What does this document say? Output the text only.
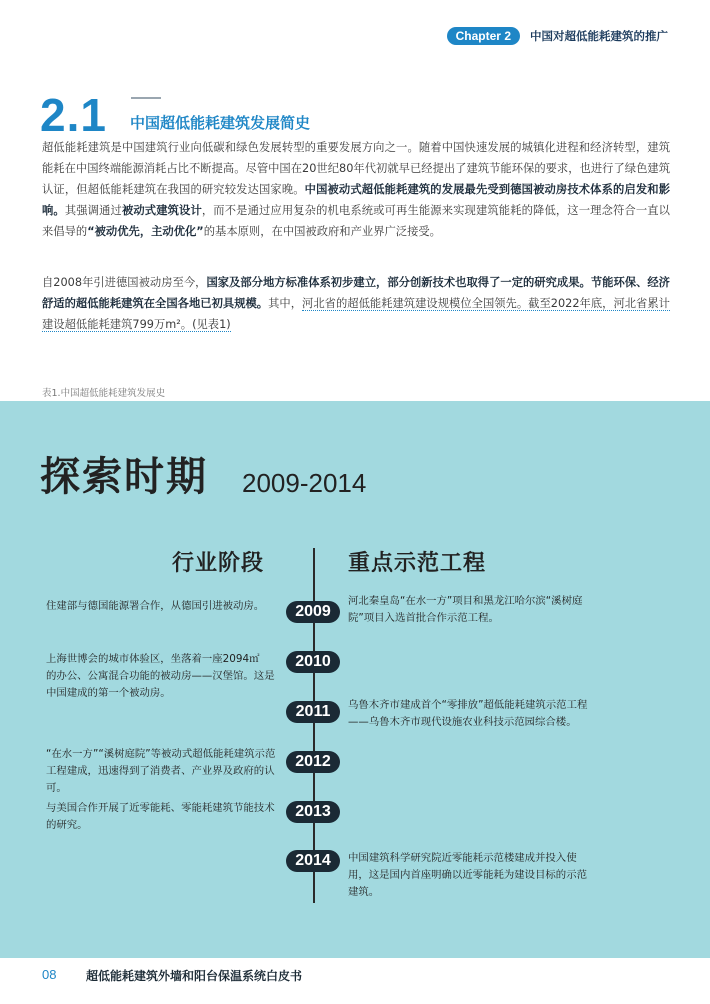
Chapter 2	中国对超低能耗建筑的推广
2.1 中国超低能耗建筑发展简史
超低能耗建筑是中国建筑行业向低碳和绿色发展转型的重要发展方向之一。随着中国快速发展的城镇化进程和经济转型，建筑能耗在中国终端能源消耗占比不断提高。尽管中国在20世纪80年代初就早已经提出了建筑节能环保的要求，也进行了绿色建筑认证，但超低能耗建筑在我国的研究较发达国家晚。中国被动式超低能耗建筑的发展最先受到德国被动房技术体系的启发和影响。其强调通过被动式建筑设计，而不是通过应用复杂的机电系统或可再生能源来实现建筑能耗的降低，这一理念符合一直以来倡导的“被动优先，主动优化”的基本原则，在中国被政府和产业界广泛接受。
自2008年引进德国被动房至今，国家及部分地方标准体系初步建立，部分创新技术也取得了一定的研究成果。节能环保、经济舒适的超低能耗建筑在全国各地已初具规模。其中，河北省的超低能耗建筑建设规模位全国领先。截至2022年底，河北省累计建设超低能耗建筑799万m²。(见表1)
表1.中国超低能耗建筑发展史
探索时期 2009-2014
行业阶段	重点示范工程
2009
2010
2011
2012
2013
2014
住建部与德国能源署合作，从德国引进被动房。
上海世博会的城市体验区，坐落着一座2094㎡　的办公、公寓混合功能的被动房——汉堡馆。这是中国建成的第一个被动房。
“在水一方”“溪树庭院”等被动式超低能耗建筑示范工程建成，迅速得到了消费者、产业界及政府的认可。
与美国合作开展了近零能耗、零能耗建筑节能技术的研究。
河北秦皇岛“在水一方”项目和黑龙江哈尔滨“溪树庭院”项目入选首批合作示范工程。
乌鲁木齐市建成首个“零排放”超低能耗建筑示范工程——乌鲁木齐市现代设施农业科技示范园综合楼。
中国建筑科学研究院近零能耗示范楼建成并投入使用，这是国内首座明确以近零能耗为建设目标的示范建筑。
08 超低能耗建筑外墙和阳台保温系统白皮书
